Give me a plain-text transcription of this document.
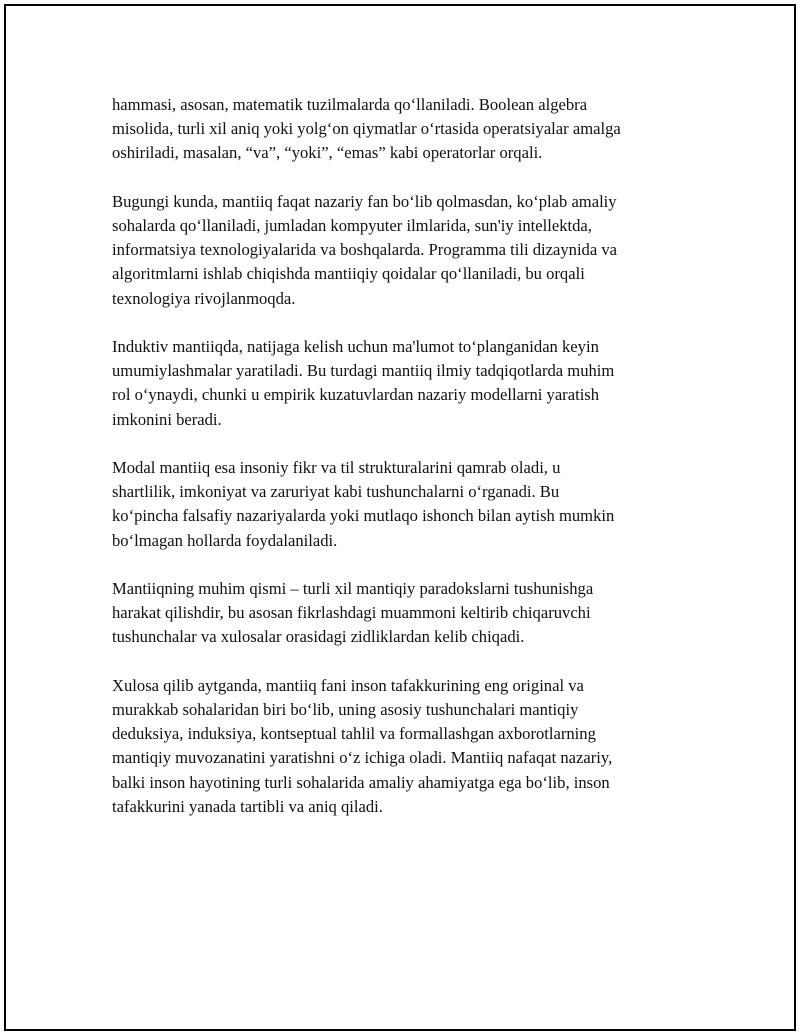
hammasi, asosan, matematik tuzilmalarda qo‘llaniladi. Boolean algebra
misolida, turli xil aniq yoki yolg‘on qiymatlar o‘rtasida operatsiyalar amalga
oshiriladi, masalan, “va”, “yoki”, “emas” kabi operatorlar orqali.

Bugungi kunda, mantiiq faqat nazariy fan bo‘lib qolmasdan, ko‘plab amaliy
sohalarda qo‘llaniladi, jumladan kompyuter ilmlarida, sun'iy intellektda,
informatsiya texnologiyalarida va boshqalarda. Programma tili dizaynida va
algoritmlarni ishlab chiqishda mantiiqiy qoidalar qo‘llaniladi, bu orqali
texnologiya rivojlanmoqda.

Induktiv mantiiqda, natijaga kelish uchun ma'lumot to‘planganidan keyin
umumiylashmalar yaratiladi. Bu turdagi mantiiq ilmiy tadqiqotlarda muhim
rol o‘ynaydi, chunki u empirik kuzatuvlardan nazariy modellarni yaratish
imkonini beradi.

Modal mantiiq esa insoniy fikr va til strukturalarini qamrab oladi, u
shartlilik, imkoniyat va zaruriyat kabi tushunchalarni o‘rganadi. Bu
ko‘pincha falsafiy nazariyalarda yoki mutlaqo ishonch bilan aytish mumkin
bo‘lmagan hollarda foydalaniladi.

Mantiiqning muhim qismi – turli xil mantiqiy paradokslarni tushunishga
harakat qilishdir, bu asosan fikrlashdagi muammoni keltirib chiqaruvchi
tushunchalar va xulosalar orasidagi zidliklardan kelib chiqadi.

Xulosa qilib aytganda, mantiiq fani inson tafakkurining eng original va
murakkab sohalaridan biri bo‘lib, uning asosiy tushunchalari mantiqiy
deduksiya, induksiya, kontseptual tahlil va formallashgan axborotlarning
mantiqiy muvozanatini yaratishni o‘z ichiga oladi. Mantiiq nafaqat nazariy,
balki inson hayotining turli sohalarida amaliy ahamiyatga ega bo‘lib, inson
tafakkurini yanada tartibli va aniq qiladi.
